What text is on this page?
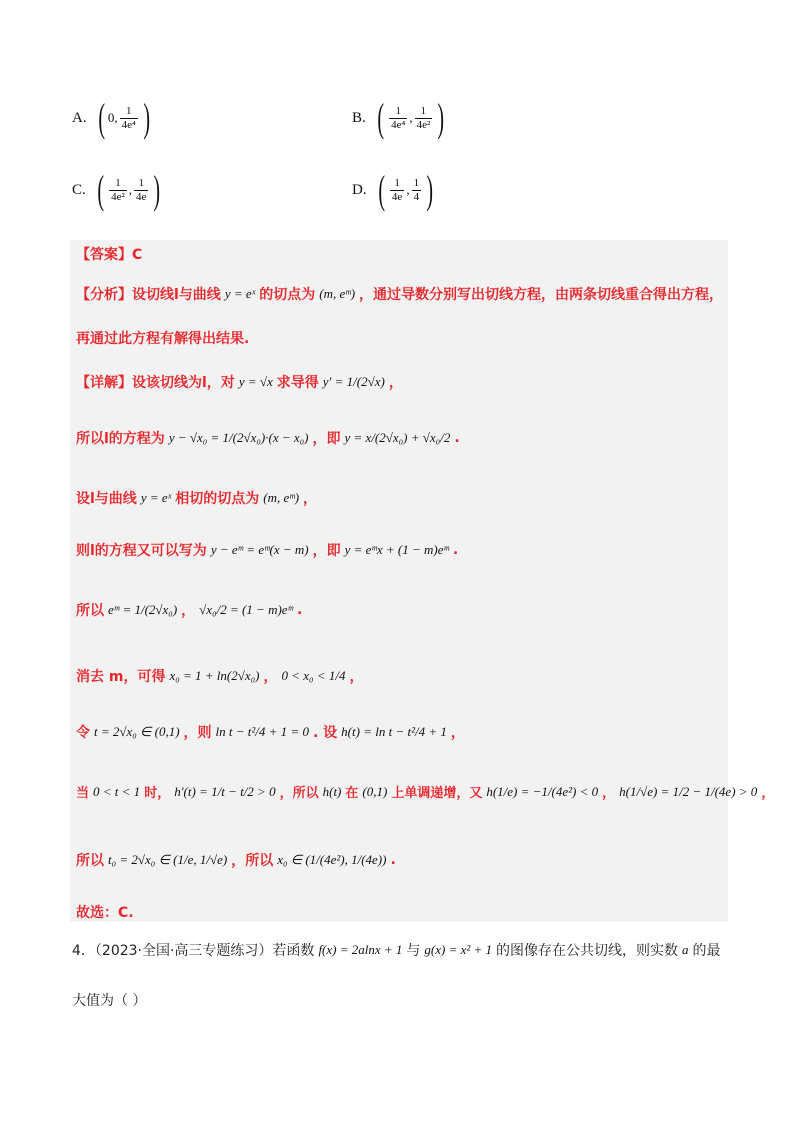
A. ( 0, $\frac{1}{\text{4e⁴}}$ )	B. ( $\frac{1}{\text{4e⁴}}$ , $\frac{1}{\text{4e²}}$ )
C. ( $\frac{1}{\text{4e²}}$ , $\frac{1}{4e}$ )	D. ( $\frac{1}{4e}$ , $\frac{1}{4}$ )
【答案】C
【分析】设切线l与曲线 y = eˣ 的切点为 (m, eᵐ) ，通过导数分别写出切线方程，由两条切线重合得出方程，
再通过此方程有解得出结果.
【详解】设该切线为l，对 y = √x 求导得 y′ = 1/(2√x) ，
所以l的方程为 y − √x₀ = 1/(2√x₀)·(x − x₀) ，即 y = x/(2√x₀) + √x₀/2 .
设l与曲线 y = eˣ 相切的切点为 (m, eᵐ) ，
则l的方程又可以写为 y − eᵐ = eᵐ(x − m) ，即 y = eᵐx + (1 − m)eᵐ .
所以 eᵐ = 1/(2√x₀) ， √x₀/2 = (1 − m)eᵐ .
消去 m，可得 x₀ = 1 + ln(2√x₀) ， 0 < x₀ < 1/4 ，
令 t = 2√x₀ ∈ (0,1) ，则 ln t − t²/4 + 1 = 0 . 设 h(t) = ln t − t²/4 + 1 ，
当 0 < t < 1 时， h′(t) = 1/t − t/2 > 0 ，所以 h(t) 在 (0,1) 上单调递增，又 h(1/e) = −1/(4e²) < 0 ， h(1/√e) = 1/2 − 1/(4e) > 0 ，
所以 t₀ = 2√x₀ ∈ (1/e, 1/√e) ，所以 x₀ ∈ (1/(4e²), 1/(4e)) .
故选：C.
4．（2023·全国·高三专题练习）若函数 f(x) = 2alnx + 1 与 g(x) = x² + 1 的图像存在公共切线，则实数 a 的最
大值为（ ）
